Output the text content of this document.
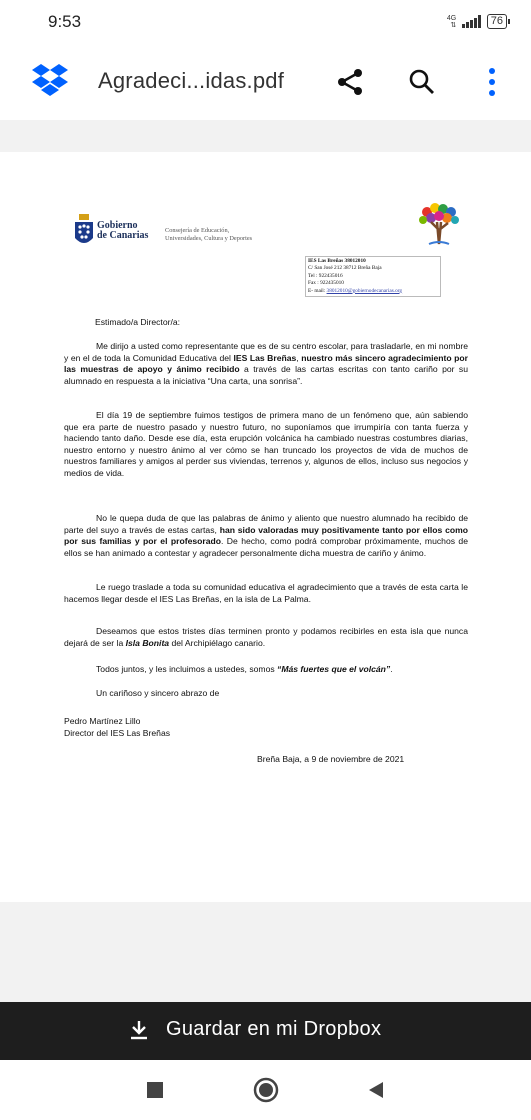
9:53	4G
⇅	76
Agradeci...idas.pdf
Gobierno
de Canarias	Consejería de Educación,
Universidades, Cultura y Deportes
IES Las Breñas 38012010
C/ San José 212 38712 Breña Baja
Tel : 922435016
Fax : 922435010
E- mail: 38012010@gobiernodecanarias.org

Estimado/a Director/a:

Me dirijo a usted como representante que es de su centro escolar, para trasladarle, en mi nombre y en el de toda la Comunidad Educativa del IES Las Breñas, nuestro más sincero agradecimiento por las muestras de apoyo y ánimo recibido a través de las cartas escritas con tanto cariño por su alumnado en respuesta a la iniciativa “Una carta, una sonrisa”.

El día 19 de septiembre fuimos testigos de primera mano de un fenómeno que, aún sabiendo que era parte de nuestro pasado y nuestro futuro, no suponíamos que irrumpiría con tanta fuerza y haciendo tanto daño. Desde ese día, esta erupción volcánica ha cambiado nuestras costumbres diarias, nuestro entorno y nuestro ánimo al ver cómo se han truncado los proyectos de vida de muchos de nuestros familiares y amigos al perder sus viviendas, terrenos y, algunos de ellos, incluso sus negocios y medios de vida.

No le quepa duda de que las palabras de ánimo y aliento que nuestro alumnado ha recibido de parte del suyo a través de estas cartas, han sido valoradas muy positivamente tanto por ellos como por sus familias y por el profesorado. De hecho, como podrá comprobar próximamente, muchos de ellos se han animado a contestar y agradecer personalmente dicha muestra de cariño y ánimo.

Le ruego traslade a toda su comunidad educativa el agradecimiento que a través de esta carta le hacemos llegar desde el IES Las Breñas, en la isla de La Palma.

Deseamos que estos tristes días terminen pronto y podamos recibirles en esta isla que nunca dejará de ser la Isla Bonita del Archipiélago canario.

Todos juntos, y les incluimos a ustedes, somos “Más fuertes que el volcán”.

Un cariñoso y sincero abrazo de

Pedro Martínez Lillo

Director del IES Las Breñas

Breña Baja, a 9 de noviembre de 2021

Guardar en mi Dropbox
